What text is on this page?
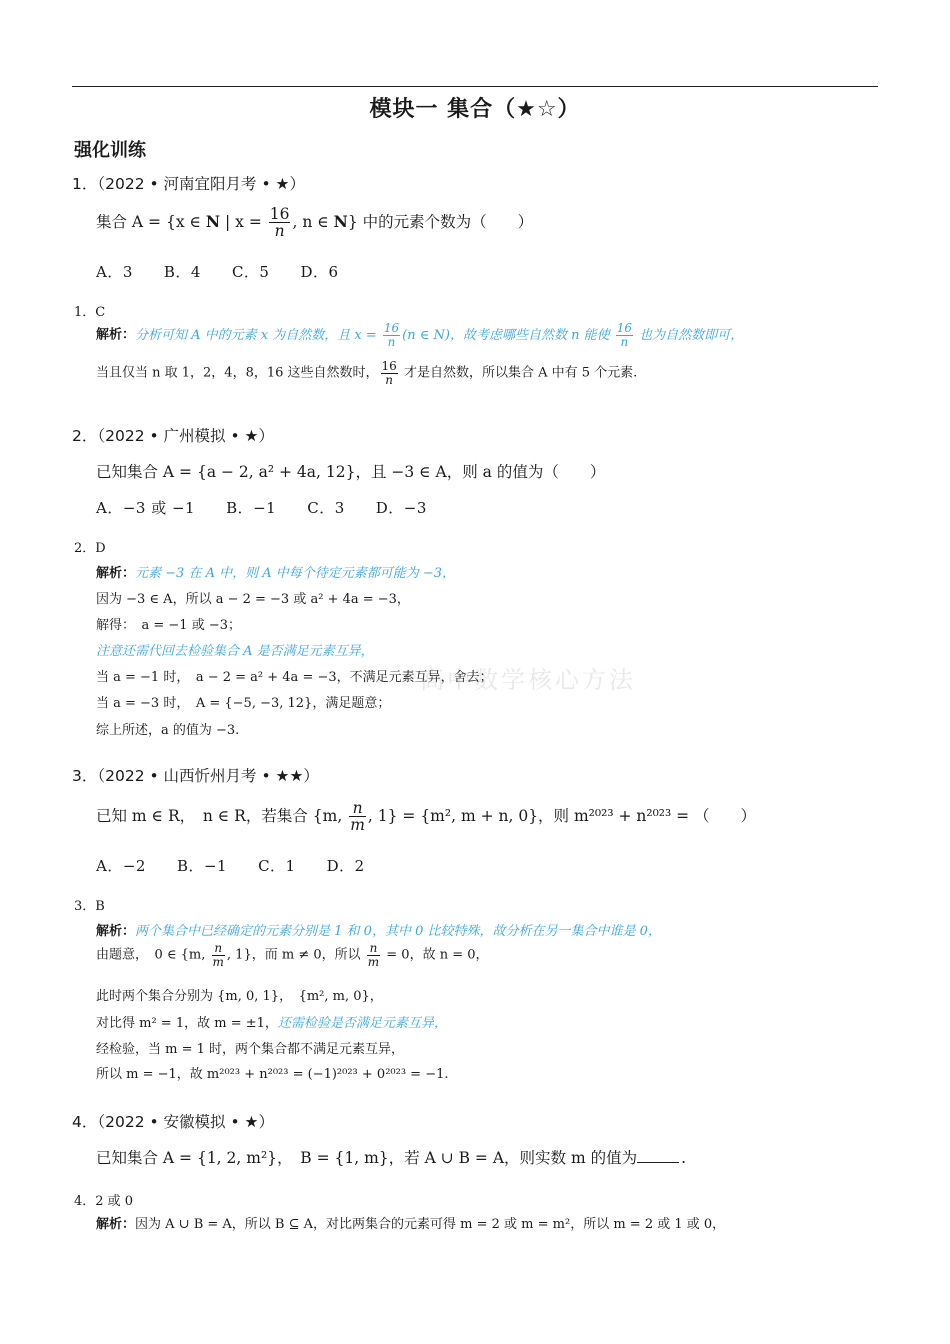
模块一 集合（★☆）
强化训练
高中数学核心方法
1．（2022 • 河南宜阳月考 • ★）
集合 A = {x ∈ N | $x = \frac{16}{n}$ , n ∈ N} 中的元素个数为（　　）
A．3　　B．4　　C．5　　D．6
1．C
解析：分析可知 A 中的元素 x 为自然数，且 $x = \frac{16}{n} (n$ ∈ N)，故考虑哪些自然数 n 能使 $\frac{16}{n}$ 也为自然数即可，
当且仅当 n 取 1，2，4，8，16 这些自然数时， $\frac{16}{n}$ 才是自然数，所以集合 A 中有 5 个元素.
2．（2022 • 广州模拟 • ★）
已知集合 A = {a − 2, a² + 4a, 12}，且 −3 ∈ A，则 a 的值为（　　）
A．−3 或 −1　　B．−1　　C．3　　D．−3
2．D
解析：元素 −3 在 A 中，则 A 中每个待定元素都可能为 −3，
因为 −3 ∈ A，所以 a − 2 = −3 或 a² + 4a = −3，
解得：　a = −1 或 −3；
注意还需代回去检验集合 A 是否满足元素互异，
当 a = −1 时，　a − 2 = a² + 4a = −3，不满足元素互异，舍去；
当 a = −3 时，　A = {−5, −3, 12}，满足题意；
综上所述，a 的值为 −3.
3．（2022 • 山西忻州月考 • ★★）
已知 m ∈ R，　n ∈ R，若集合 {m, $\frac{n}{m}$ , 1} = {m², m + n, 0}，则 m²⁰²³ + n²⁰²³ = （　　）
A．−2　　B．−1　　C．1　　D．2
3．B
解析：两个集合中已经确定的元素分别是 1 和 0，其中 0 比较特殊，故分析在另一集合中谁是 0，
由题意，　0 ∈ {m, $\frac{n}{m}$ , 1}，而 m ≠ 0，所以 $\frac{n}{m} = 0$，故 n = 0，
此时两个集合分别为 {m, 0, 1}，　{m², m, 0}，
对比得 m² = 1，故 m = ±1，还需检验是否满足元素互异，
经检验，当 m = 1 时，两个集合都不满足元素互异，
所以 m = −1，故 m²⁰²³ + n²⁰²³ = (−1)²⁰²³ + 0²⁰²³ = −1.
4．（2022 • 安徽模拟 • ★）
已知集合 A = {1, 2, m²}，　B = {1, m}，若 A ∪ B = A，则实数 m 的值为	.
4．2 或 0
解析：因为 A ∪ B = A，所以 B ⊆ A，对比两集合的元素可得 m = 2 或 m = m²，所以 m = 2 或 1 或 0，
